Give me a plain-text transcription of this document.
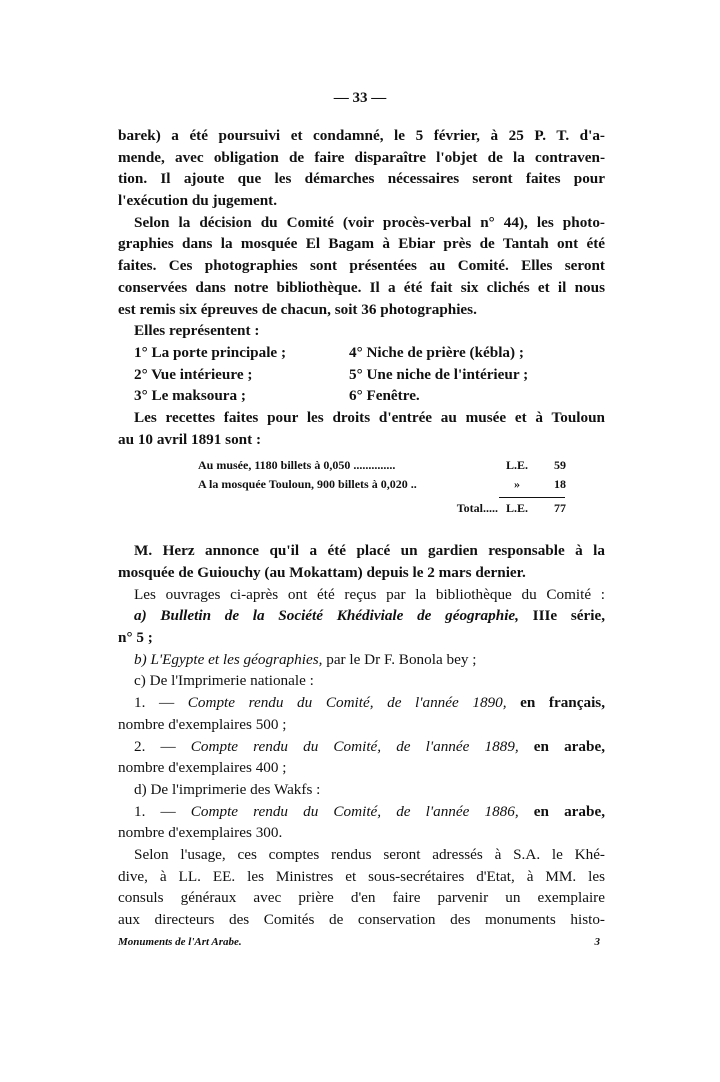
— 33 —
barek) a été poursuivi et condamné, le 5 février, à 25 P. T. d'a-
mende, avec obligation de faire disparaître l'objet de la contraven-
tion. Il ajoute que les démarches nécessaires seront faites pour
l'exécution du jugement.
Selon la décision du Comité (voir procès-verbal n° 44), les photo-
graphies dans la mosquée El Bagam à Ebiar près de Tantah ont été
faites. Ces photographies sont présentées au Comité. Elles seront
conservées dans notre bibliothèque. Il a été fait six clichés et il nous
est remis six épreuves de chacun, soit 36 photographies.
Elles représentent :
1° La porte principale ;	4° Niche de prière (kébla) ;
2° Vue intérieure ;	5° Une niche de l'intérieur ;
3° Le maksoura ;	6° Fenêtre.
Les recettes faites pour les droits d'entrée au musée et à Touloun
au 10 avril 1891 sont :
Au musée, 1180 billets à 0,050 ..............	L.E.	59
A la mosquée Touloun, 900 billets à 0,020 ..	»	18
Total..... L.E.	77
M. Herz annonce qu'il a été placé un gardien responsable à la
mosquée de Guiouchy (au Mokattam) depuis le 2 mars dernier.
Les ouvrages ci-après ont été reçus par la bibliothèque du Comité :
a) Bulletin de la Société Khédiviale de géographie, IIIe série,
n° 5 ;
b) L'Egypte et les géographies, par le Dr F. Bonola bey ;
c) De l'Imprimerie nationale :
1. — Compte rendu du Comité, de l'année 1890, en français,
nombre d'exemplaires 500 ;
2. — Compte rendu du Comité, de l'année 1889, en arabe,
nombre d'exemplaires 400 ;
d) De l'imprimerie des Wakfs :
1. — Compte rendu du Comité, de l'année 1886, en arabe,
nombre d'exemplaires 300.
Selon l'usage, ces comptes rendus seront adressés à S.A. le Khé-
dive, à LL. EE. les Ministres et sous-secrétaires d'Etat, à MM. les
consuls généraux avec prière d'en faire parvenir un exemplaire
aux directeurs des Comités de conservation des monuments histo-
Monuments de l'Art Arabe.	3
